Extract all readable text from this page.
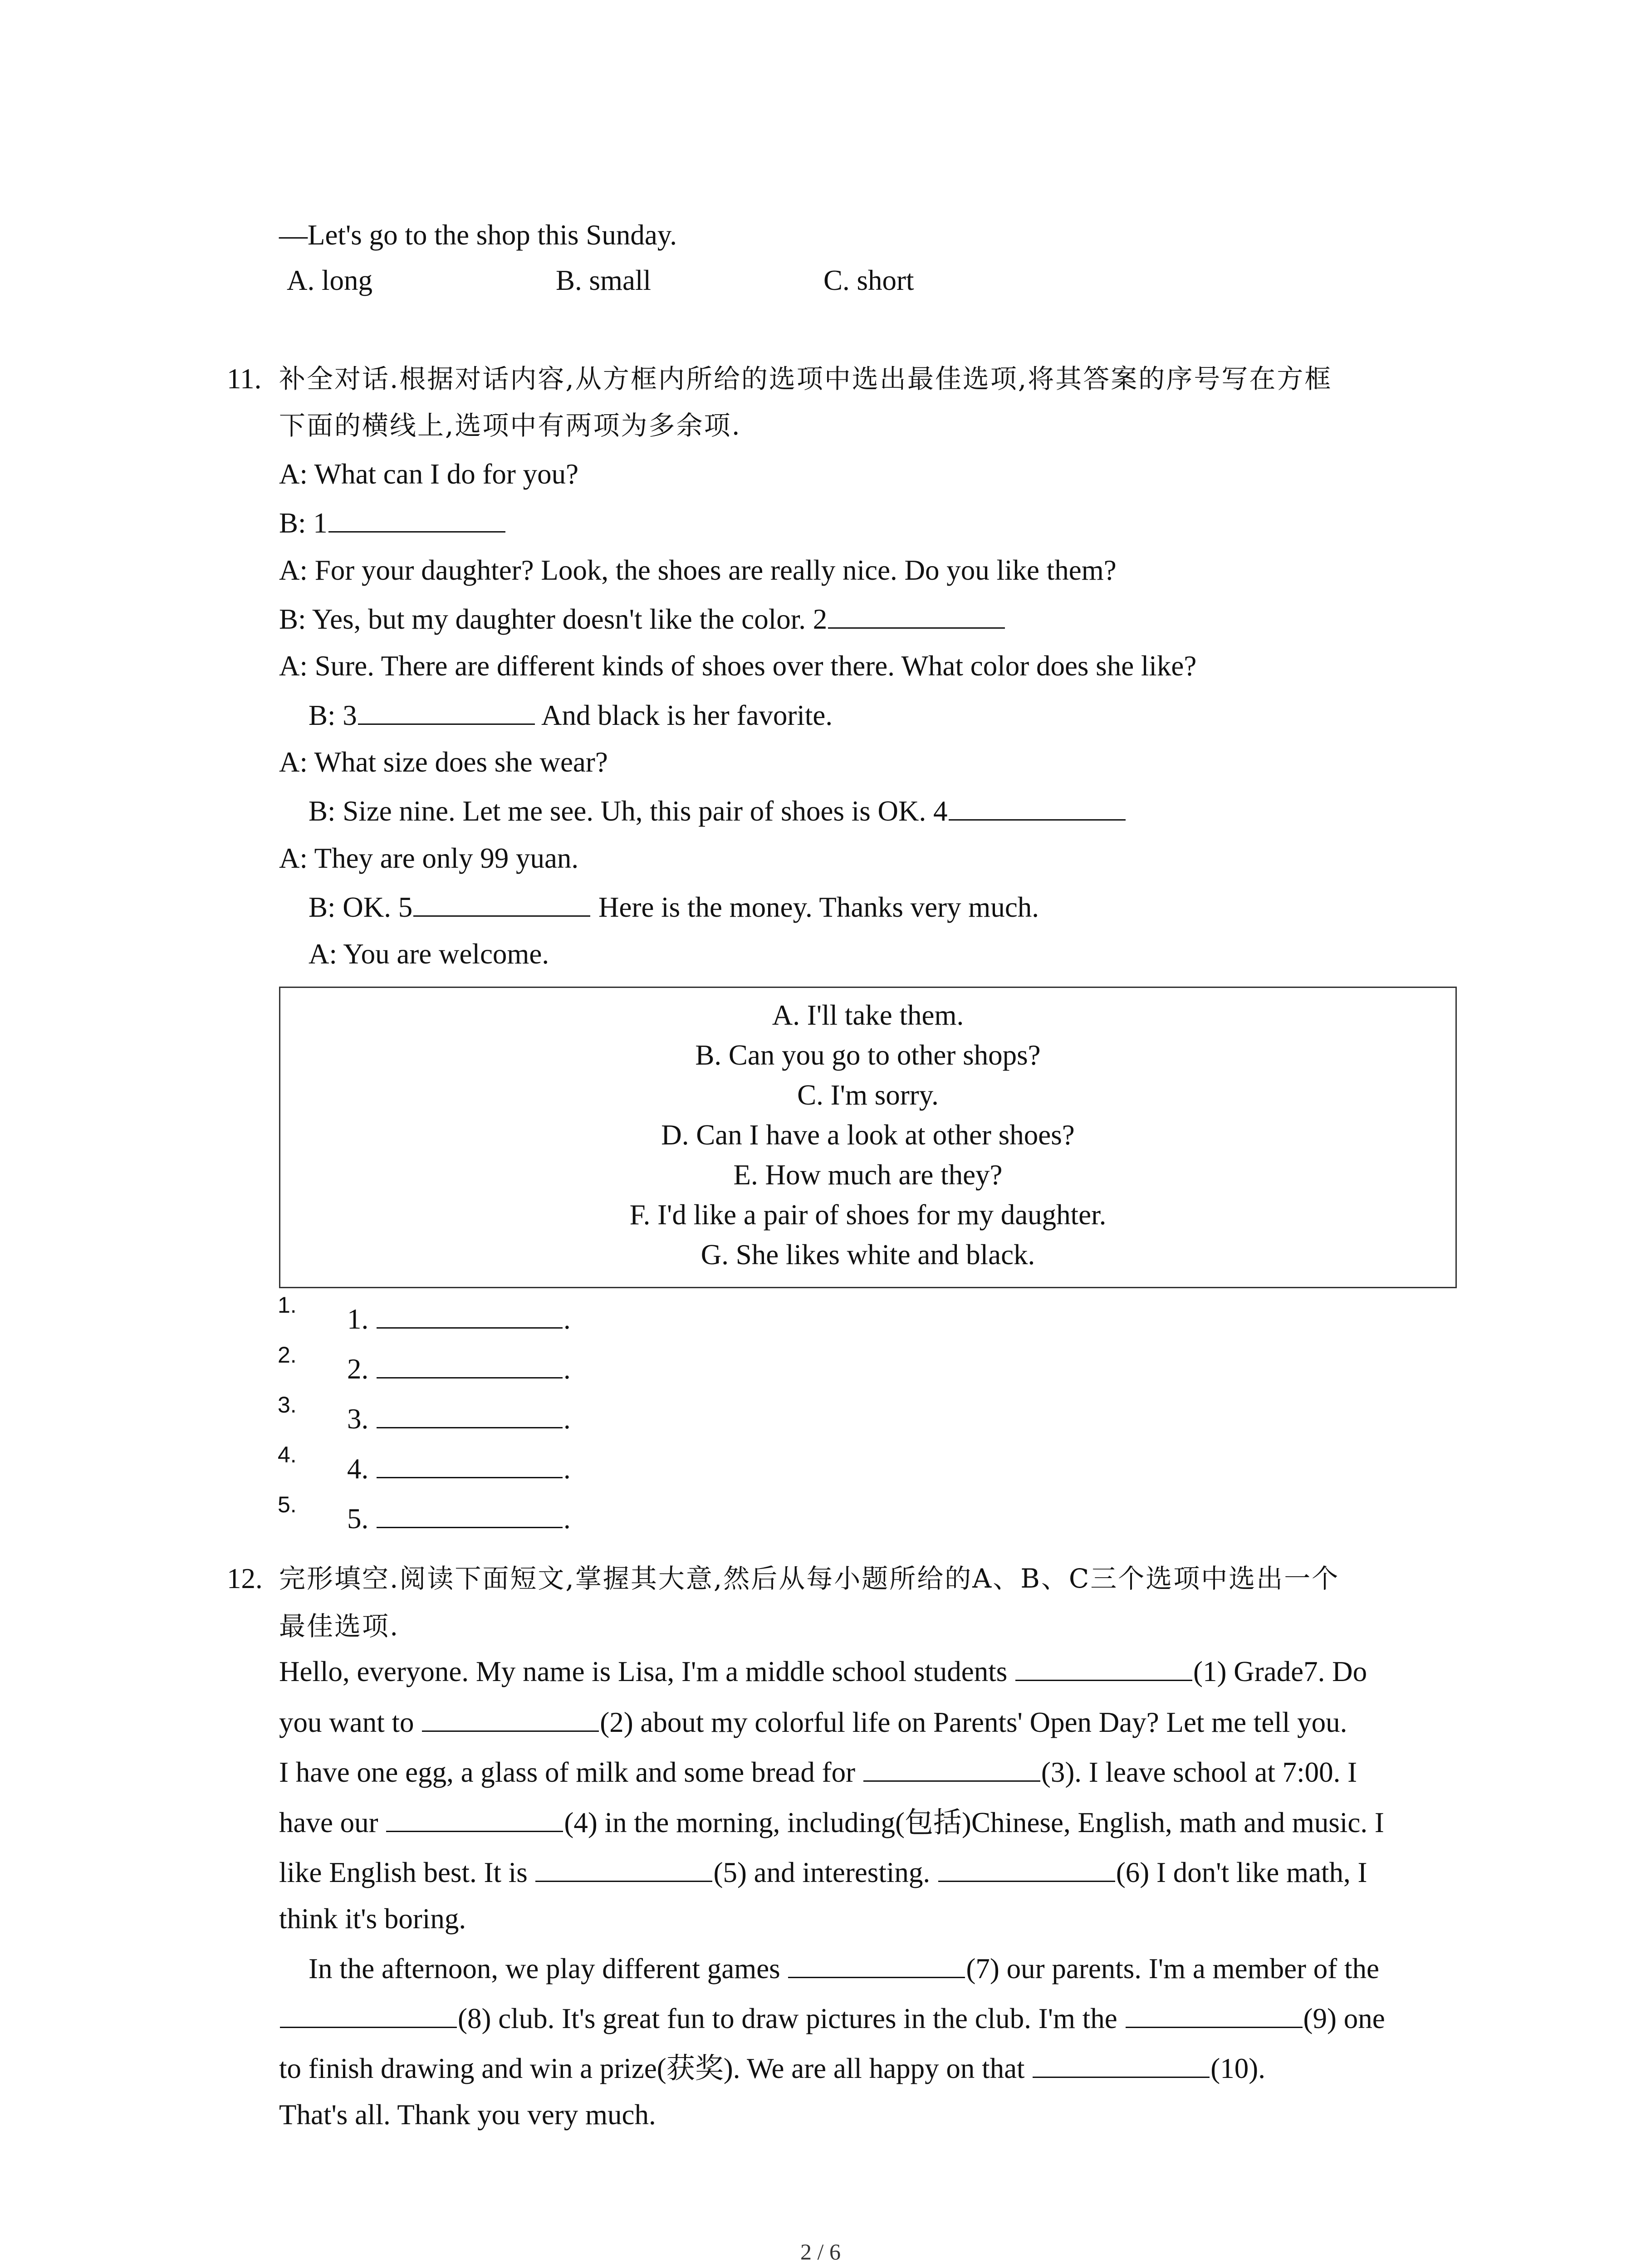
—Let's go to the shop this Sunday.
A. long	B. small	C. short
11. 补全对话.根据对话内容,从方框内所给的选项中选出最佳选项,将其答案的序号写在方框
下面的横线上,选项中有两项为多余项.
A: What can I do for you?
B: 1
A: For your daughter? Look, the shoes are really nice. Do you like them?
B: Yes, but my daughter doesn't like the color. 2
A: Sure. There are different kinds of shoes over there. What color does she like?
B: 3	And black is her favorite.
A: What size does she wear?
B: Size nine. Let me see. Uh, this pair of shoes is OK. 4
A: They are only 99 yuan.
B: OK. 5	Here is the money. Thanks very much.
A: You are welcome.
A. I'll take them.
B. Can you go to other shops?
C. I'm sorry.
D. Can I have a look at other shoes?
E. How much are they?
F. I'd like a pair of shoes for my daughter.
G. She likes white and black.
1. 1.	.
2. 2.	.
3. 3.	.
4. 4.	.
5. 5.	.
12. 完形填空.阅读下面短文,掌握其大意,然后从每小题所给的A、B、C三个选项中选出一个
最佳选项.
Hello, everyone. My name is Lisa, I'm a middle school students	(1) Grade7. Do
you want to	(2) about my colorful life on Parents' Open Day? Let me tell you.
I have one egg, a glass of milk and some bread for	(3). I leave school at 7:00. I
have our	(4) in the morning, including(包括)Chinese, English, math and music. I
like English best. It is	(5) and interesting.	(6) I don't like math, I
think it's boring.
In the afternoon, we play different games	(7) our parents. I'm a member of the
(8) club. It's great fun to draw pictures in the club. I'm the	(9) one
to finish drawing and win a prize(获奖). We are all happy on that	(10).
That's all. Thank you very much.
2 / 6
